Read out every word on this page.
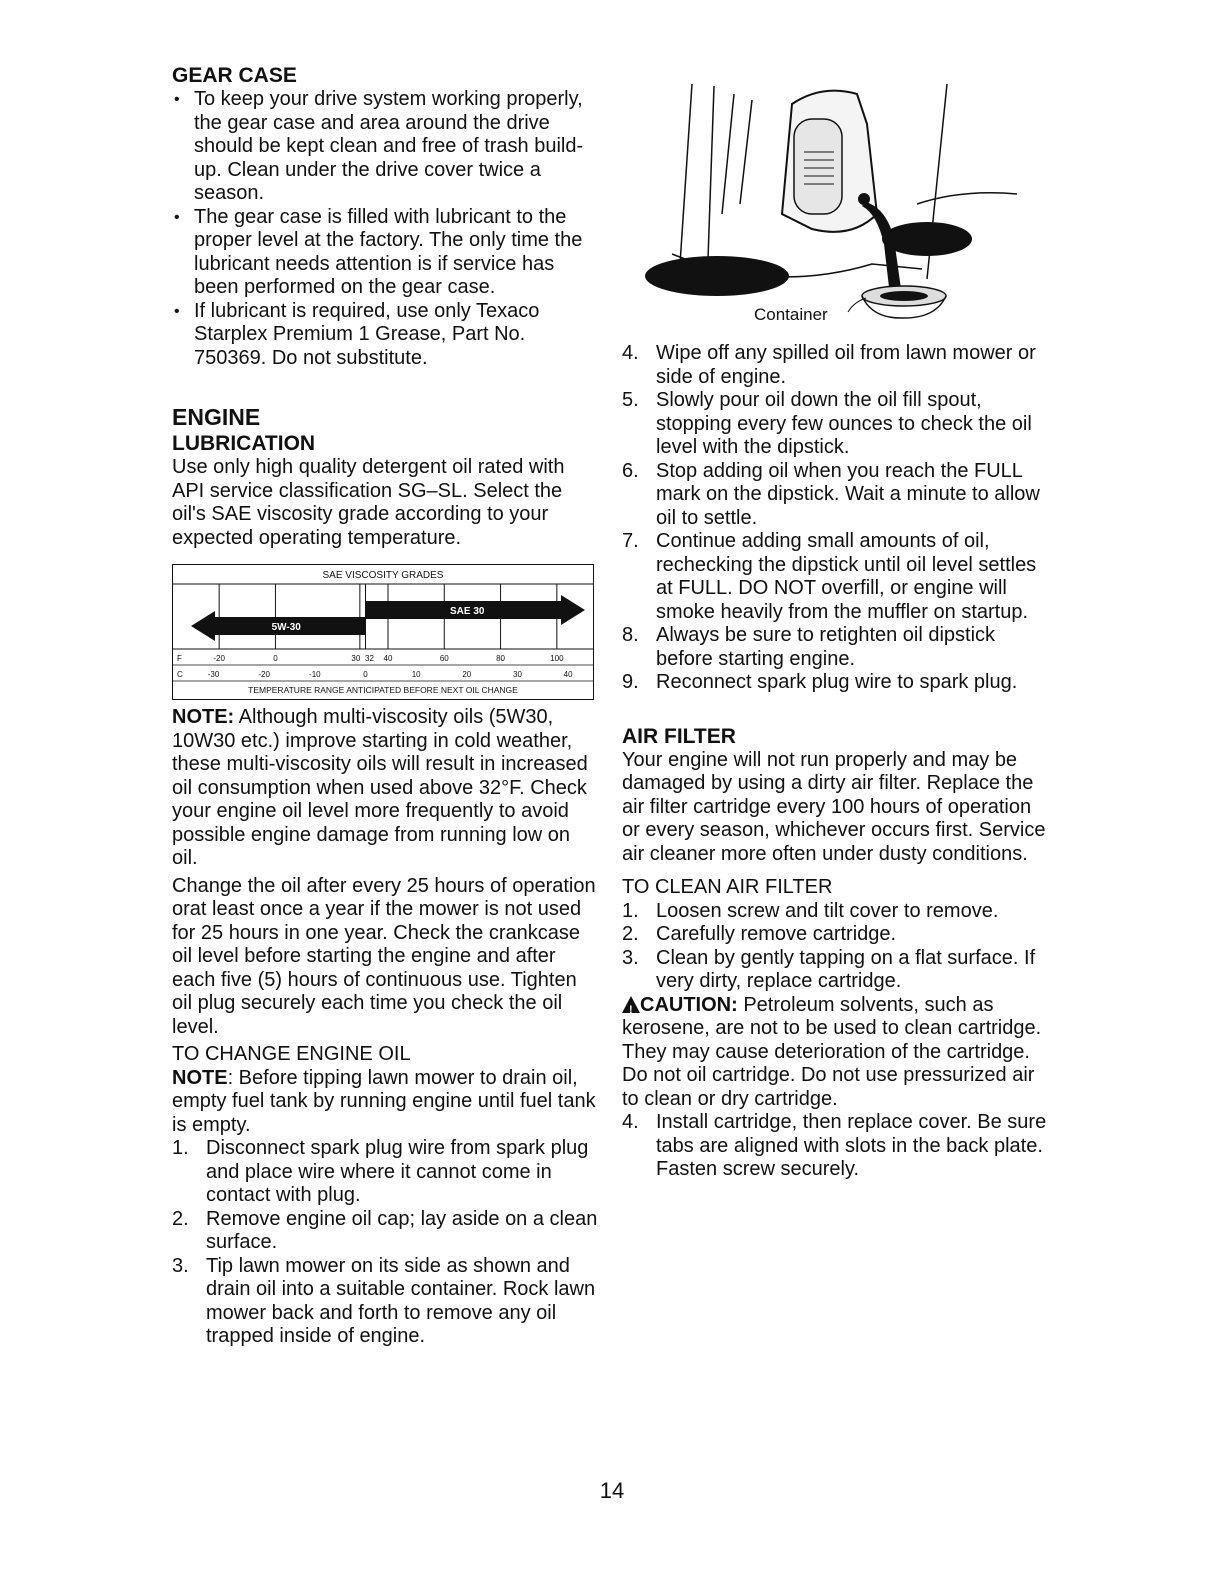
GEAR CASE
• To keep your drive system working properly, the gear case and area around the drive should be kept clean and free of trash build-up. Clean under the drive cover twice a season.
• The gear case is filled with lubricant to the proper level at the factory. The only time the lubricant needs attention is if service has been performed on the gear case.
• If lubricant is required, use only Texaco Starplex Premium 1 Grease, Part No. 750369. Do not substitute.
ENGINE
LUBRICATION

Use only high quality detergent oil rated with API service classification SG–SL. Select the oil's SAE viscosity grade according to your expected operating temperature.

SAE VISCOSITY GRADES
5W-30
SAE 30
F	-20	0	30 32 40	60	80	100
C	-30	-20	-10	0	10	20	30	40
TEMPERATURE RANGE ANTICIPATED BEFORE NEXT OIL CHANGE

NOTE: Although multi-viscosity oils (5W30, 10W30 etc.) improve starting in cold weather, these multi-viscosity oils will result in increased oil consumption when used above 32°F. Check your engine oil level more frequently to avoid possible engine damage from running low on oil.

Change the oil after every 25 hours of operation orat least once a year if the mower is not used for 25 hours in one year. Check the crankcase oil level before starting the engine and after each five (5) hours of continuous use. Tighten oil plug securely each time you check the oil level.

TO CHANGE ENGINE OIL

NOTE: Before tipping lawn mower to drain oil, empty fuel tank by running engine until fuel tank is empty.

1. Disconnect spark plug wire from spark plug and place wire where it cannot come in contact with plug.
2. Remove engine oil cap; lay aside on a clean surface.
3. Tip lawn mower on its side as shown and drain oil into a suitable container. Rock lawn mower back and forth to remove any oil trapped inside of engine.
Container
4. Wipe off any spilled oil from lawn mower or side of engine.
5. Slowly pour oil down the oil fill spout, stopping every few ounces to check the oil level with the dipstick.
6. Stop adding oil when you reach the FULL mark on the dipstick. Wait a minute to allow oil to settle.
7. Continue adding small amounts of oil, rechecking the dipstick until oil level settles at FULL. DO NOT overfill, or engine will smoke heavily from the muffler on startup.
8. Always be sure to retighten oil dipstick before starting engine.
9. Reconnect spark plug wire to spark plug.
AIR FILTER

Your engine will not run properly and may be damaged by using a dirty air filter. Replace the air filter cartridge every 100 hours of operation or every season, whichever occurs first. Service air cleaner more often under dusty conditions.

TO CLEAN AIR FILTER

1. Loosen screw and tilt cover to remove.
2. Carefully remove cartridge.
3. Clean by gently tapping on a flat surface. If very dirty, replace cartridge.

!CAUTION: Petroleum solvents, such as kerosene, are not to be used to clean cartridge. They may cause deterioration of the cartridge. Do not oil cartridge. Do not use pressurized air to clean or dry cartridge.

4. Install cartridge, then replace cover. Be sure tabs are aligned with slots in the back plate. Fasten screw securely.
14
